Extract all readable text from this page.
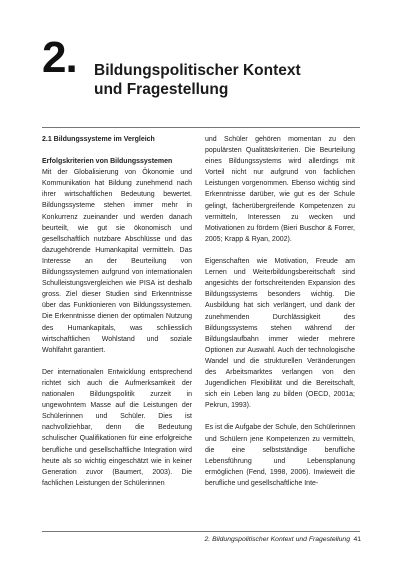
2. Bildungspolitischer Kontext
und Fragestellung
2.1 Bildungssysteme im Vergleich
Erfolgskriterien von Bildungssystemen

Mit der Globalisierung von Ökonomie und Kommunikation hat Bildung zunehmend nach ihrer wirtschaftlichen Bedeutung bewertet. Bildungssysteme stehen immer mehr in Konkurrenz zueinander und werden danach beurteilt, wie gut sie ökonomisch und gesellschaftlich nutzbare Abschlüsse und das dazugehörende Humankapital vermitteln. Das Interesse an der Beurteilung von Bildungssystemen aufgrund von internationalen Schulleistungsvergleichen wie PISA ist deshalb gross. Ziel dieser Studien sind Erkenntnisse über das Funktionieren von Bildungssystemen. Die Erkenntnisse dienen der optimalen Nutzung des Humankapitals, was schliesslich wirtschaftlichen Wohlstand und soziale Wohlfahrt garantiert.

Der internationalen Entwicklung entsprechend richtet sich auch die Aufmerksamkeit der nationalen Bildungspolitik zurzeit in ungewohntem Masse auf die Leistungen der Schülerinnen und Schüler. Dies ist nachvollziehbar, denn die Bedeutung schulischer Qualifikationen für eine erfolgreiche berufliche und gesellschaftliche Integration wird heute als so wichtig eingeschätzt wie in keiner Generation zuvor (Baumert, 2003). Die fachlichen Leistungen der Schülerinnen

und Schüler gehören momentan zu den populärsten Qualitätskriterien. Die Beurteilung eines Bildungssystems wird allerdings mit Vorteil nicht nur aufgrund von fachlichen Leistungen vorgenommen. Ebenso wichtig sind Erkenntnisse darüber, wie gut es der Schule gelingt, fächerübergreifende Kompetenzen zu vermitteln, Interessen zu wecken und Motivationen zu fördern (Bieri Buschor & Forrer, 2005; Krapp & Ryan, 2002).

Eigenschaften wie Motivation, Freude am Lernen und Weiterbildungsbereitschaft sind angesichts der fortschreitenden Expansion des Bildungssystems besonders wichtig. Die Ausbildung hat sich verlängert, und dank der zunehmenden Durchlässigkeit des Bildungssystems stehen während der Bildungslaufbahn immer wieder mehrere Optionen zur Auswahl. Auch der technologische Wandel und die strukturellen Veränderungen des Arbeitsmarktes verlangen von den Jugendlichen Flexibilität und die Bereitschaft, sich ein Leben lang zu bilden (OECD, 2001a; Pekrun, 1993).

Es ist die Aufgabe der Schule, den Schülerinnen und Schülern jene Kompetenzen zu vermitteln, die eine selbstständige berufliche Lebensführung und Lebensplanung ermöglichen (Fend, 1998, 2006). Inwieweit die berufliche und gesellschaftliche Inte-

2. Bildungspolitischer Kontext und Fragestellung 41
